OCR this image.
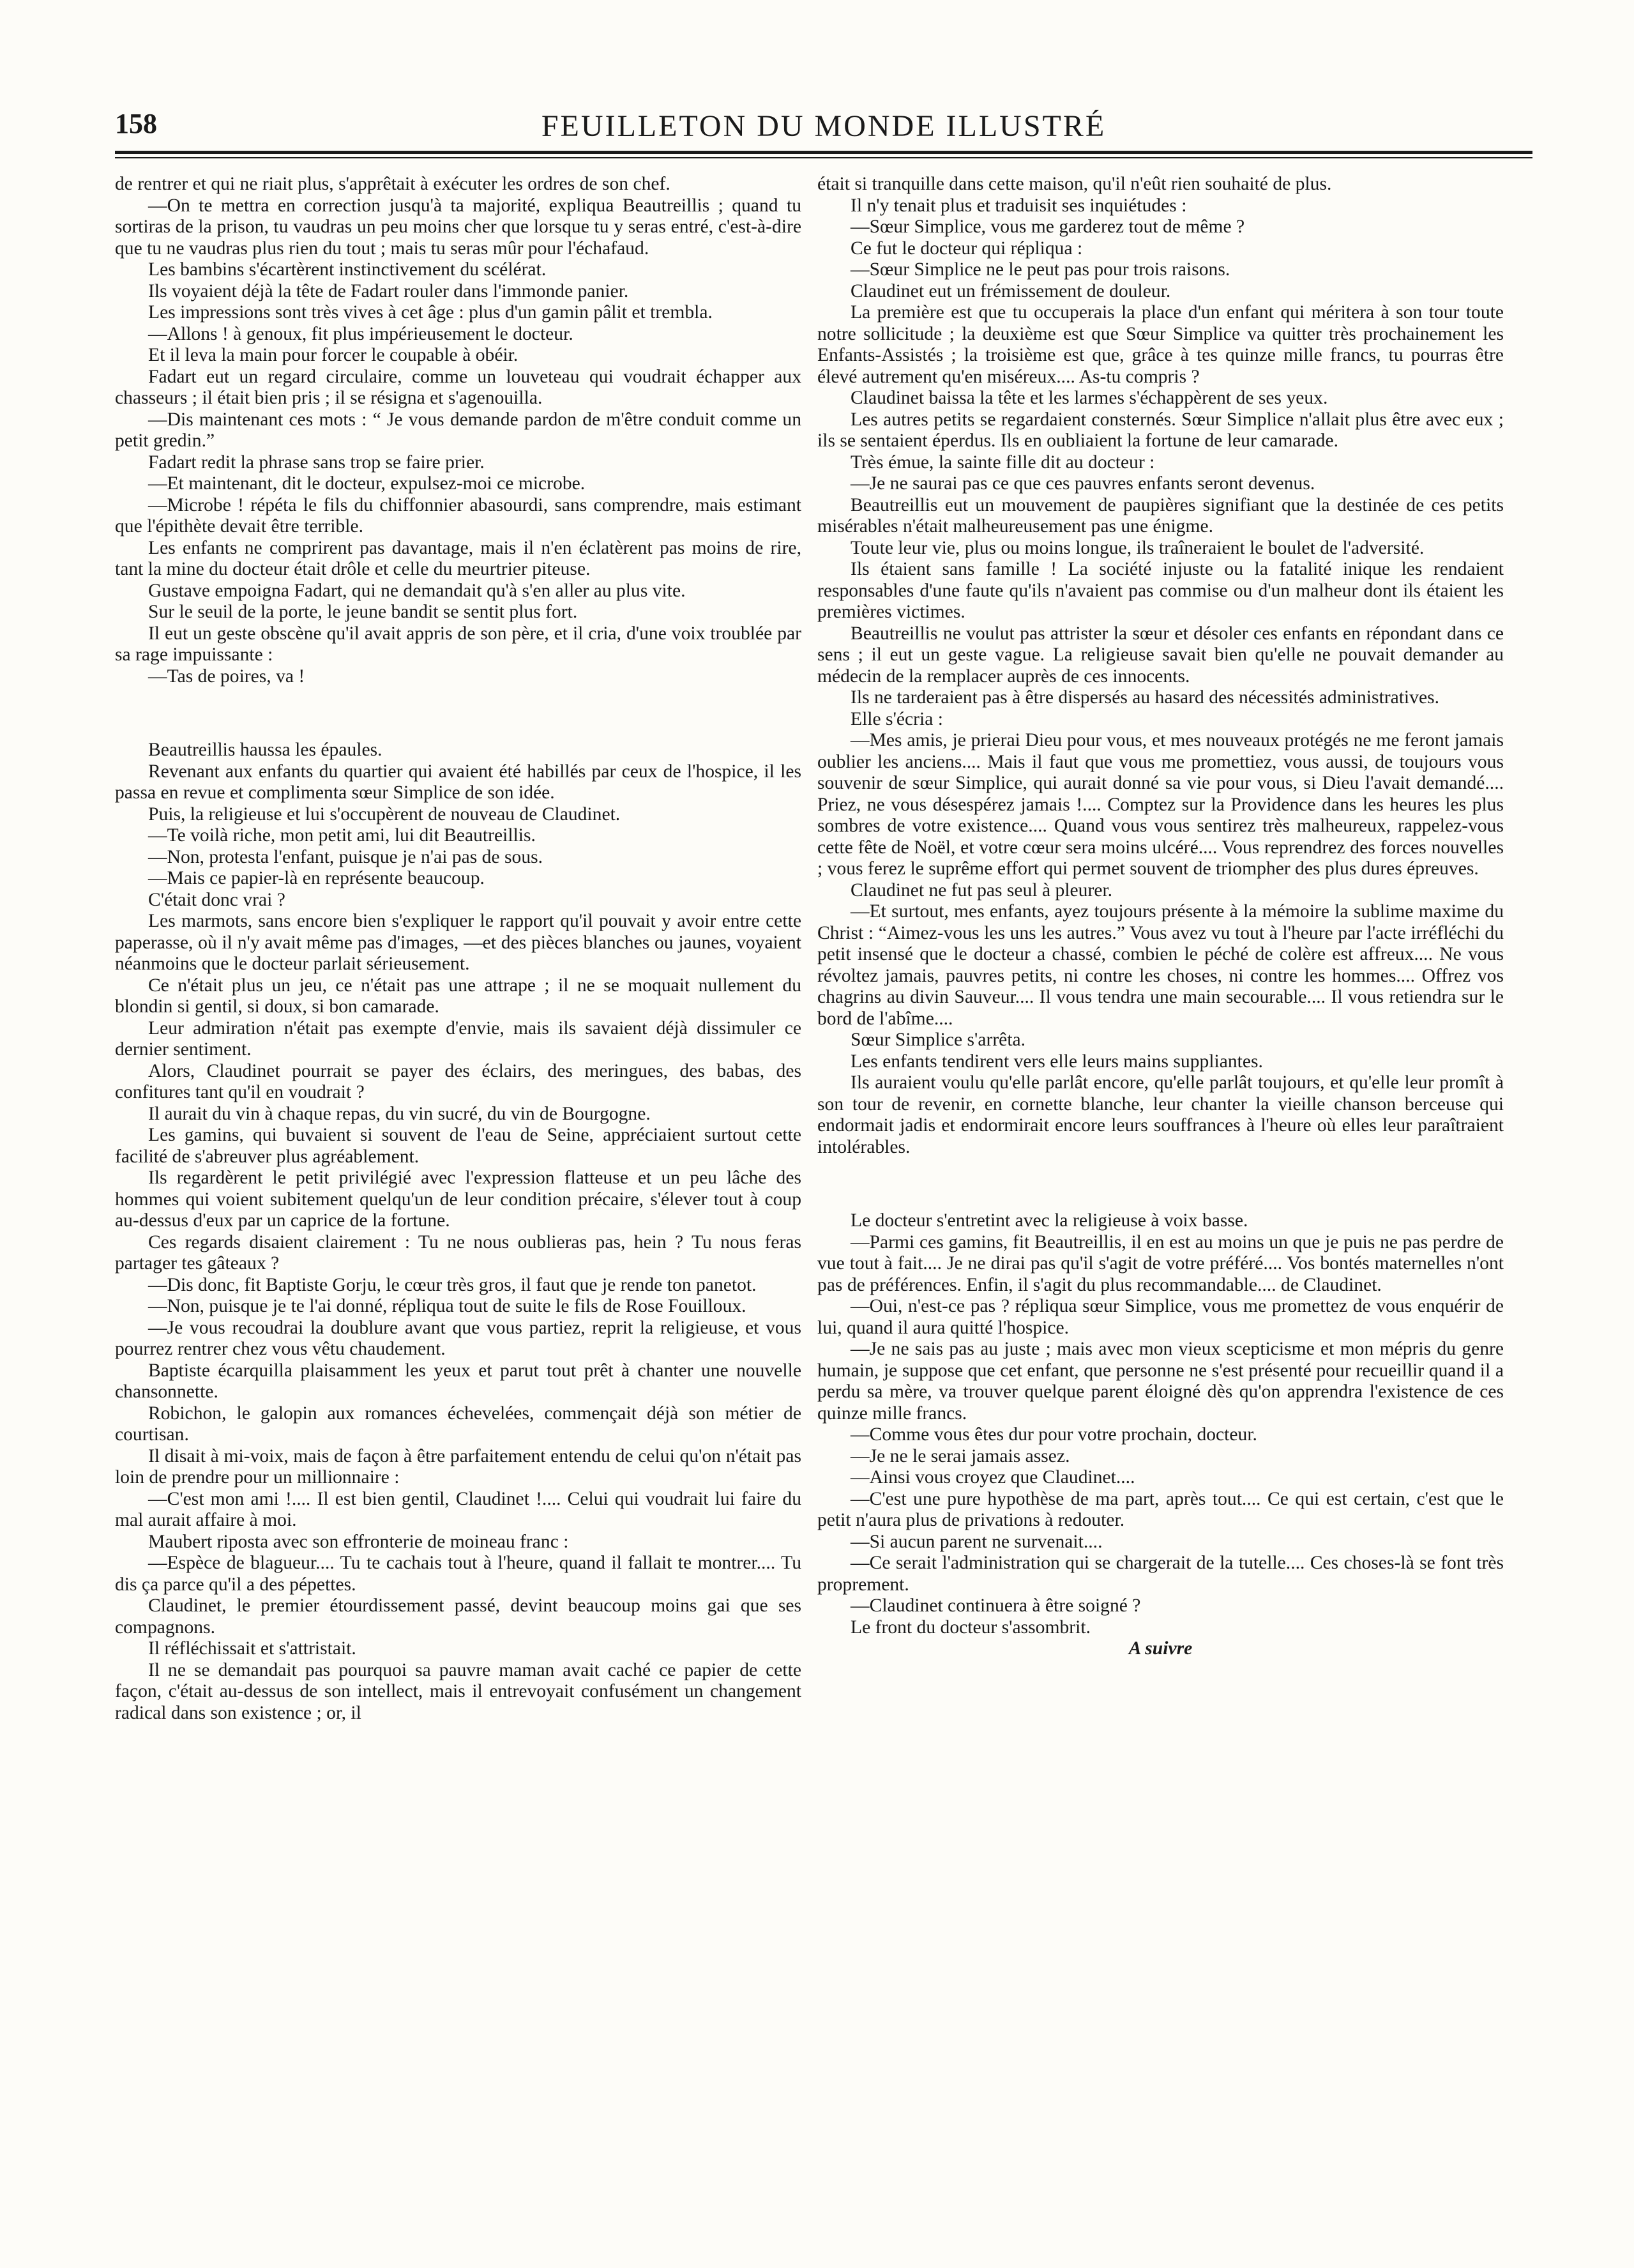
158	FEUILLETON DU MONDE ILLUSTRÉ

de rentrer et qui ne riait plus, s'apprêtait à exécuter les ordres de son chef.

—On te mettra en correction jusqu'à ta majorité, expliqua Beautreillis ; quand tu sortiras de la prison, tu vaudras un peu moins cher que lorsque tu y seras entré, c'est-à-dire que tu ne vaudras plus rien du tout ; mais tu seras mûr pour l'échafaud.

Les bambins s'écartèrent instinctivement du scélérat.

Ils voyaient déjà la tête de Fadart rouler dans l'immonde panier.

Les impressions sont très vives à cet âge : plus d'un gamin pâlit et trembla.

—Allons ! à genoux, fit plus impérieusement le docteur.

Et il leva la main pour forcer le coupable à obéir.

Fadart eut un regard circulaire, comme un louveteau qui voudrait échapper aux chasseurs ; il était bien pris ; il se résigna et s'agenouilla.

—Dis maintenant ces mots : “ Je vous demande pardon de m'être conduit comme un petit gredin.”

Fadart redit la phrase sans trop se faire prier.

—Et maintenant, dit le docteur, expulsez-moi ce microbe.

—Microbe ! répéta le fils du chiffonnier abasourdi, sans comprendre, mais estimant que l'épithète devait être terrible.

Les enfants ne comprirent pas davantage, mais il n'en éclatèrent pas moins de rire, tant la mine du docteur était drôle et celle du meurtrier piteuse.

Gustave empoigna Fadart, qui ne demandait qu'à s'en aller au plus vite.

Sur le seuil de la porte, le jeune bandit se sentit plus fort.

Il eut un geste obscène qu'il avait appris de son père, et il cria, d'une voix troublée par sa rage impuissante :

—Tas de poires, va !

Beautreillis haussa les épaules.

Revenant aux enfants du quartier qui avaient été habillés par ceux de l'hospice, il les passa en revue et complimenta sœur Simplice de son idée.

Puis, la religieuse et lui s'occupèrent de nouveau de Claudinet.

—Te voilà riche, mon petit ami, lui dit Beautreillis.

—Non, protesta l'enfant, puisque je n'ai pas de sous.

—Mais ce papier-là en représente beaucoup.

C'était donc vrai ?

Les marmots, sans encore bien s'expliquer le rapport qu'il pouvait y avoir entre cette paperasse, où il n'y avait même pas d'images, —et des pièces blanches ou jaunes, voyaient néanmoins que le docteur parlait sérieusement.

Ce n'était plus un jeu, ce n'était pas une attrape ; il ne se moquait nullement du blondin si gentil, si doux, si bon camarade.

Leur admiration n'était pas exempte d'envie, mais ils savaient déjà dissimuler ce dernier sentiment.

Alors, Claudinet pourrait se payer des éclairs, des meringues, des babas, des confitures tant qu'il en voudrait ?

Il aurait du vin à chaque repas, du vin sucré, du vin de Bourgogne.

Les gamins, qui buvaient si souvent de l'eau de Seine, appréciaient surtout cette facilité de s'abreuver plus agréablement.

Ils regardèrent le petit privilégié avec l'expression flatteuse et un peu lâche des hommes qui voient subitement quelqu'un de leur condition précaire, s'élever tout à coup au-dessus d'eux par un caprice de la fortune.

Ces regards disaient clairement : Tu ne nous oublieras pas, hein ? Tu nous feras partager tes gâteaux ?

—Dis donc, fit Baptiste Gorju, le cœur très gros, il faut que je rende ton panetot.

—Non, puisque je te l'ai donné, répliqua tout de suite le fils de Rose Fouilloux.

—Je vous recoudrai la doublure avant que vous partiez, reprit la religieuse, et vous pourrez rentrer chez vous vêtu chaudement.

Baptiste écarquilla plaisamment les yeux et parut tout prêt à chanter une nouvelle chansonnette.

Robichon, le galopin aux romances échevelées, commençait déjà son métier de courtisan.

Il disait à mi-voix, mais de façon à être parfaitement entendu de celui qu'on n'était pas loin de prendre pour un millionnaire :

—C'est mon ami !.... Il est bien gentil, Claudinet !.... Celui qui voudrait lui faire du mal aurait affaire à moi.

Maubert riposta avec son effronterie de moineau franc :

—Espèce de blagueur.... Tu te cachais tout à l'heure, quand il fallait te montrer.... Tu dis ça parce qu'il a des pépettes.

Claudinet, le premier étourdissement passé, devint beaucoup moins gai que ses compagnons.

Il réfléchissait et s'attristait.

Il ne se demandait pas pourquoi sa pauvre maman avait caché ce papier de cette façon, c'était au-dessus de son intellect, mais il entrevoyait confusément un changement radical dans son existence ; or, il

était si tranquille dans cette maison, qu'il n'eût rien souhaité de plus.

Il n'y tenait plus et traduisit ses inquiétudes :

—Sœur Simplice, vous me garderez tout de même ?

Ce fut le docteur qui répliqua :

—Sœur Simplice ne le peut pas pour trois raisons.

Claudinet eut un frémissement de douleur.

La première est que tu occuperais la place d'un enfant qui méritera à son tour toute notre sollicitude ; la deuxième est que Sœur Simplice va quitter très prochainement les Enfants-Assistés ; la troisième est que, grâce à tes quinze mille francs, tu pourras être élevé autrement qu'en miséreux.... As-tu compris ?

Claudinet baissa la tête et les larmes s'échappèrent de ses yeux.

Les autres petits se regardaient consternés. Sœur Simplice n'allait plus être avec eux ; ils se sentaient éperdus. Ils en oubliaient la fortune de leur camarade.

Très émue, la sainte fille dit au docteur :

—Je ne saurai pas ce que ces pauvres enfants seront devenus.

Beautreillis eut un mouvement de paupières signifiant que la destinée de ces petits misérables n'était malheureusement pas une énigme.

Toute leur vie, plus ou moins longue, ils traîneraient le boulet de l'adversité.

Ils étaient sans famille ! La société injuste ou la fatalité inique les rendaient responsables d'une faute qu'ils n'avaient pas commise ou d'un malheur dont ils étaient les premières victimes.

Beautreillis ne voulut pas attrister la sœur et désoler ces enfants en répondant dans ce sens ; il eut un geste vague. La religieuse savait bien qu'elle ne pouvait demander au médecin de la remplacer auprès de ces innocents.

Ils ne tarderaient pas à être dispersés au hasard des nécessités administratives.

Elle s'écria :

—Mes amis, je prierai Dieu pour vous, et mes nouveaux protégés ne me feront jamais oublier les anciens.... Mais il faut que vous me promettiez, vous aussi, de toujours vous souvenir de sœur Simplice, qui aurait donné sa vie pour vous, si Dieu l'avait demandé.... Priez, ne vous désespérez jamais !.... Comptez sur la Providence dans les heures les plus sombres de votre existence.... Quand vous vous sentirez très malheureux, rappelez-vous cette fête de Noël, et votre cœur sera moins ulcéré.... Vous reprendrez des forces nouvelles ; vous ferez le suprême effort qui permet souvent de triompher des plus dures épreuves.

Claudinet ne fut pas seul à pleurer.

—Et surtout, mes enfants, ayez toujours présente à la mémoire la sublime maxime du Christ : “Aimez-vous les uns les autres.” Vous avez vu tout à l'heure par l'acte irréfléchi du petit insensé que le docteur a chassé, combien le péché de colère est affreux.... Ne vous révoltez jamais, pauvres petits, ni contre les choses, ni contre les hommes.... Offrez vos chagrins au divin Sauveur.... Il vous tendra une main secourable.... Il vous retiendra sur le bord de l'abîme....

Sœur Simplice s'arrêta.

Les enfants tendirent vers elle leurs mains suppliantes.

Ils auraient voulu qu'elle parlât encore, qu'elle parlât toujours, et qu'elle leur promît à son tour de revenir, en cornette blanche, leur chanter la vieille chanson berceuse qui endormait jadis et endormirait encore leurs souffrances à l'heure où elles leur paraîtraient intolérables.

Le docteur s'entretint avec la religieuse à voix basse.

—Parmi ces gamins, fit Beautreillis, il en est au moins un que je puis ne pas perdre de vue tout à fait.... Je ne dirai pas qu'il s'agit de votre préféré.... Vos bontés maternelles n'ont pas de préférences. Enfin, il s'agit du plus recommandable.... de Claudinet.

—Oui, n'est-ce pas ? répliqua sœur Simplice, vous me promettez de vous enquérir de lui, quand il aura quitté l'hospice.

—Je ne sais pas au juste ; mais avec mon vieux scepticisme et mon mépris du genre humain, je suppose que cet enfant, que personne ne s'est présenté pour recueillir quand il a perdu sa mère, va trouver quelque parent éloigné dès qu'on apprendra l'existence de ces quinze mille francs.

—Comme vous êtes dur pour votre prochain, docteur.

—Je ne le serai jamais assez.

—Ainsi vous croyez que Claudinet....

—C'est une pure hypothèse de ma part, après tout.... Ce qui est certain, c'est que le petit n'aura plus de privations à redouter.

—Si aucun parent ne survenait....

—Ce serait l'administration qui se chargerait de la tutelle.... Ces choses-là se font très proprement.

—Claudinet continuera à être soigné ?

Le front du docteur s'assombrit.

A suivre
